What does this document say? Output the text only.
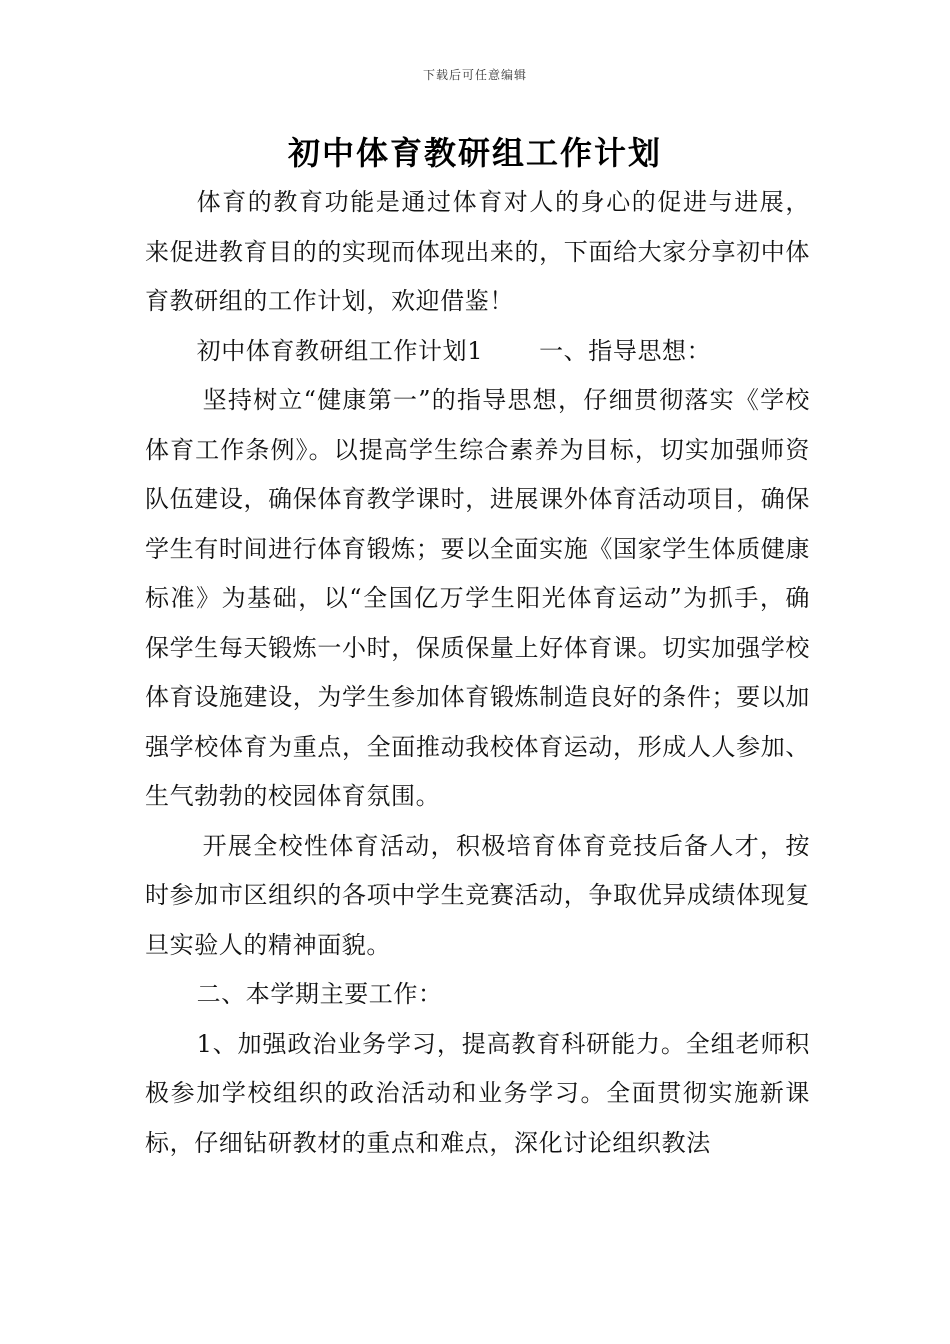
下载后可任意编辑
初中体育教研组工作计划

体育的教育功能是通过体育对人的身心的促进与进展，来促进教育目的的实现而体现出来的，下面给大家分享初中体育教研组的工作计划，欢迎借鉴！

初中体育教研组工作计划1 一、指导思想：

坚持树立“健康第一”的指导思想，仔细贯彻落实《学校体育工作条例》。以提高学生综合素养为目标，切实加强师资队伍建设，确保体育教学课时，进展课外体育活动项目，确保学生有时间进行体育锻炼；要以全面实施《国家学生体质健康标准》为基础，以“全国亿万学生阳光体育运动”为抓手，确保学生每天锻炼一小时，保质保量上好体育课。切实加强学校体育设施建设，为学生参加体育锻炼制造良好的条件；要以加强学校体育为重点，全面推动我校体育运动，形成人人参加、生气勃勃的校园体育氛围。

开展全校性体育活动，积极培育体育竞技后备人才，按时参加市区组织的各项中学生竞赛活动，争取优异成绩体现复旦实验人的精神面貌。

二、本学期主要工作：

1、加强政治业务学习，提高教育科研能力。全组老师积极参加学校组织的政治活动和业务学习。全面贯彻实施新课标，仔细钻研教材的重点和难点，深化讨论组织教法
